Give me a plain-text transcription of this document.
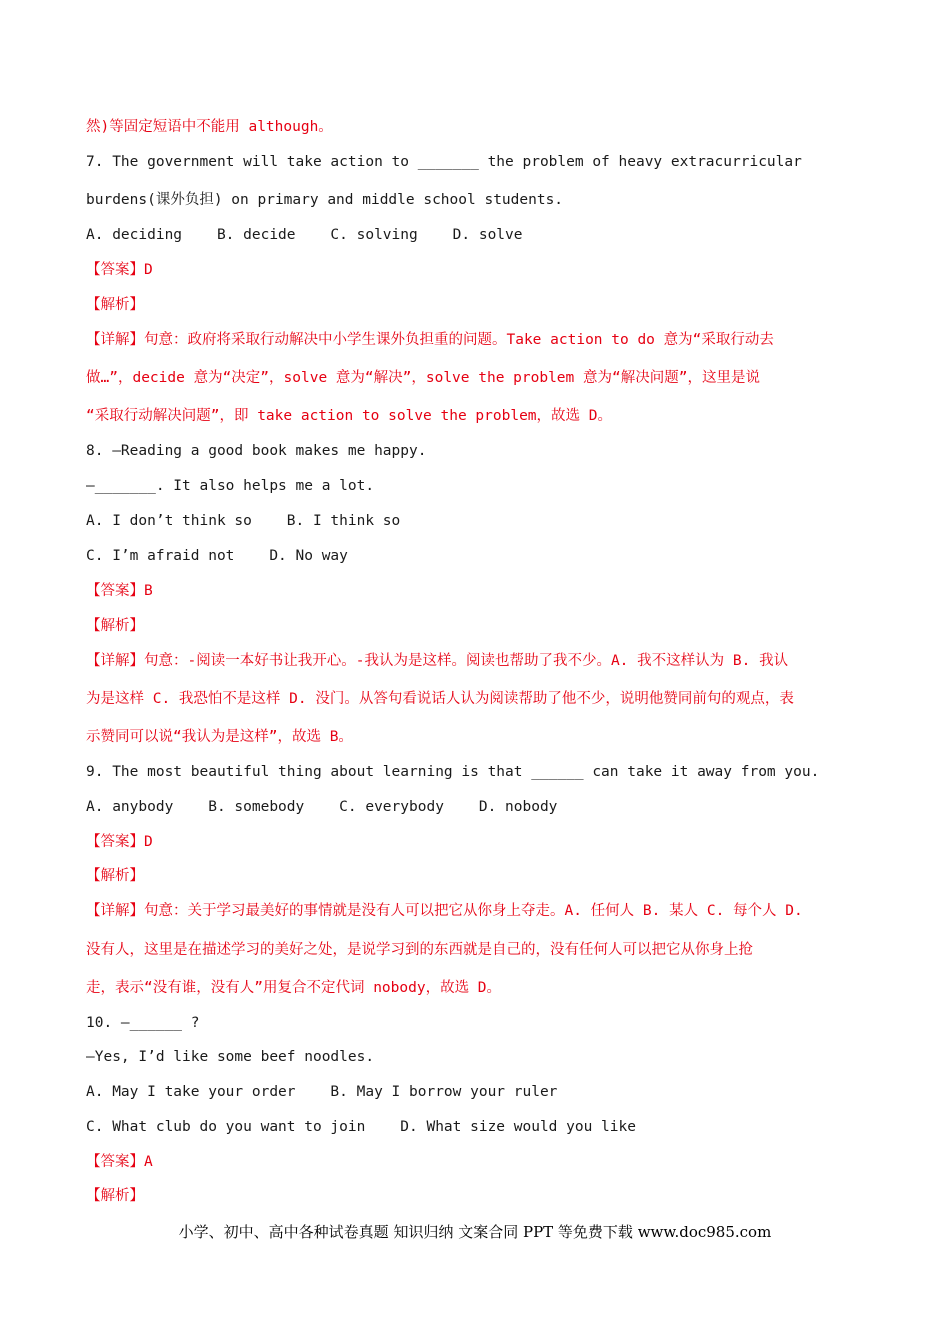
然)等固定短语中不能用 although。
7. The government will take action to _______ the problem of heavy extracurricular
burdens(课外负担) on primary and middle school students.
A. deciding    B. decide    C. solving    D. solve
【答案】D
【解析】
【详解】句意：政府将采取行动解决中小学生课外负担重的问题。Take action to do 意为“采取行动去
做…”，decide 意为“决定”，solve 意为“解决”，solve the problem 意为“解决问题”，这里是说
“采取行动解决问题”，即 take action to solve the problem，故选 D。
8. —Reading a good book makes me happy.
—_______. It also helps me a lot.
A. I don’t think so    B. I think so
C. I’m afraid not    D. No way
【答案】B
【解析】
【详解】句意：-阅读一本好书让我开心。-我认为是这样。阅读也帮助了我不少。A. 我不这样认为 B. 我认
为是这样 C. 我恐怕不是这样 D. 没门。从答句看说话人认为阅读帮助了他不少，说明他赞同前句的观点，表
示赞同可以说“我认为是这样”，故选 B。
9. The most beautiful thing about learning is that ______ can take it away from you.
A. anybody    B. somebody    C. everybody    D. nobody
【答案】D
【解析】
【详解】句意：关于学习最美好的事情就是没有人可以把它从你身上夺走。A. 任何人 B. 某人 C. 每个人 D.
没有人，这里是在描述学习的美好之处，是说学习到的东西就是自己的，没有任何人可以把它从你身上抢
走，表示“没有谁，没有人”用复合不定代词 nobody，故选 D。
10. —______ ?
—Yes, I’d like some beef noodles.
A. May I take your order    B. May I borrow your ruler
C. What club do you want to join    D. What size would you like
【答案】A
【解析】
小学、初中、高中各种试卷真题 知识归纳 文案合同 PPT 等免费下载 www.doc985.com
